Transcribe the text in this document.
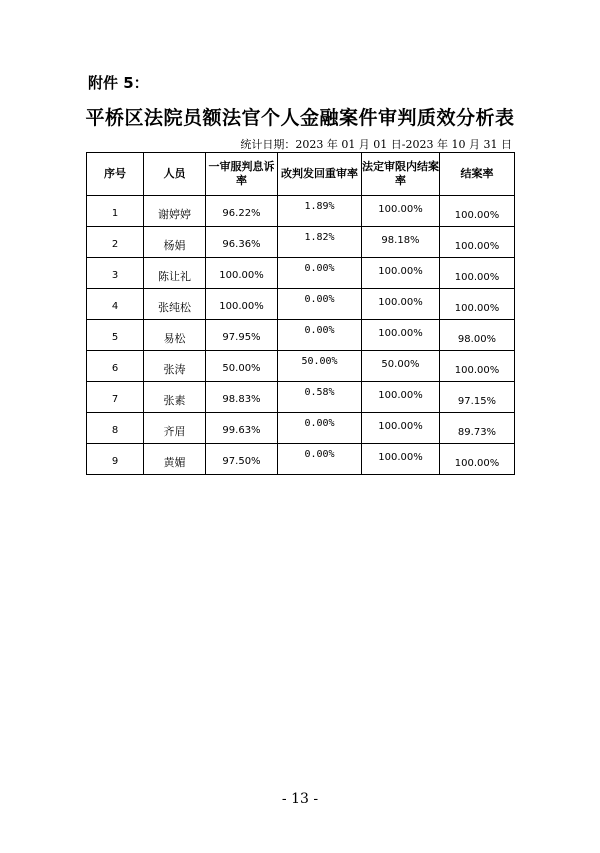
附件 5：
平桥区法院员额法官个人金融案件审判质效分析表
统计日期：2023 年 01 月 01 日-2023 年 10 月 31 日
序号	人员	一审服判息诉率	改判发回重审率	法定审限内结案率	结案率

1	谢婷婷	96.22%	1.89%	100.00%	100.00%

2	杨娟	96.36%	1.82%	98.18%	100.00%

3	陈让礼	100.00%	0.00%	100.00%	100.00%

4	张纯松	100.00%	0.00%	100.00%	100.00%

5	易松	97.95%	0.00%	100.00%	98.00%

6	张涛	50.00%	50.00%	50.00%	100.00%

7	张素	98.83%	0.58%	100.00%	97.15%

8	齐眉	99.63%	0.00%	100.00%	89.73%

9	黄媚	97.50%	0.00%	100.00%	100.00%
- 13 -
